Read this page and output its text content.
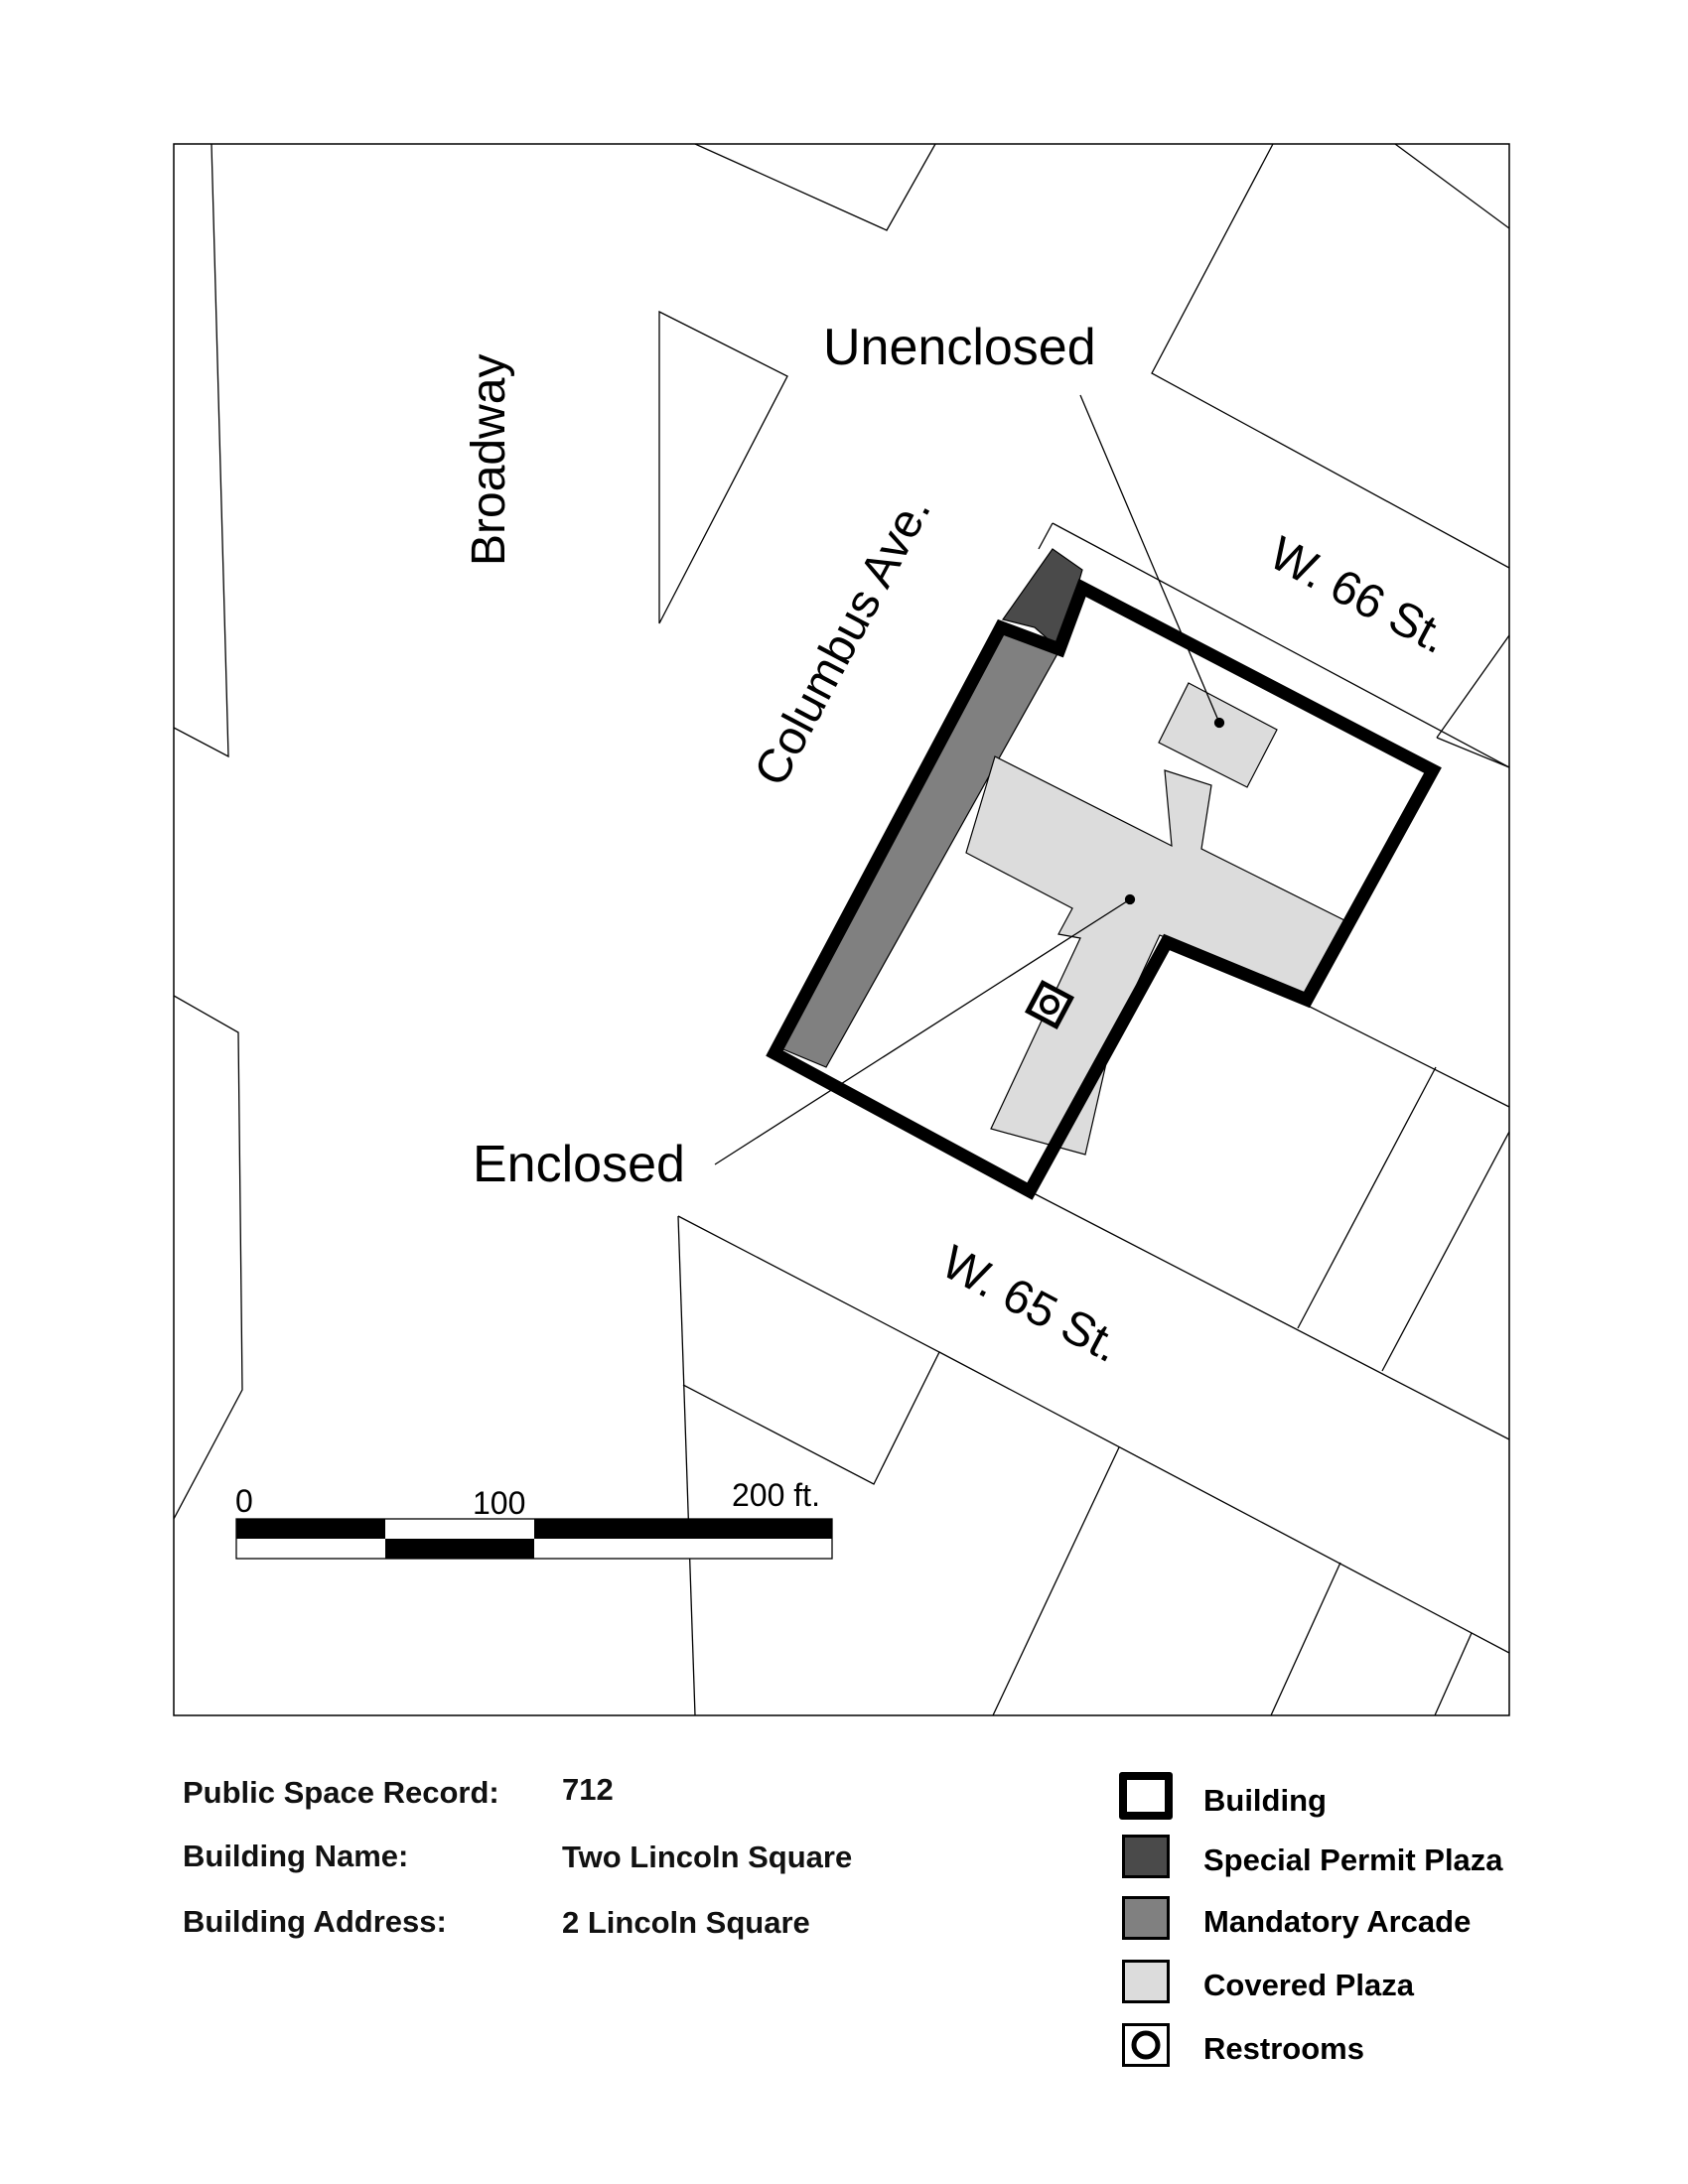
0	100	200 ft.
Broadway
Columbus Ave.	W. 66 St.
W. 65 St.
Unenclosed
Enclosed
Public Space Record: 712
Building Name:	Two Lincoln Square
Building Address:	2 Lincoln Square
Building
Special Permit Plaza
Mandatory Arcade
Covered Plaza
Restrooms
